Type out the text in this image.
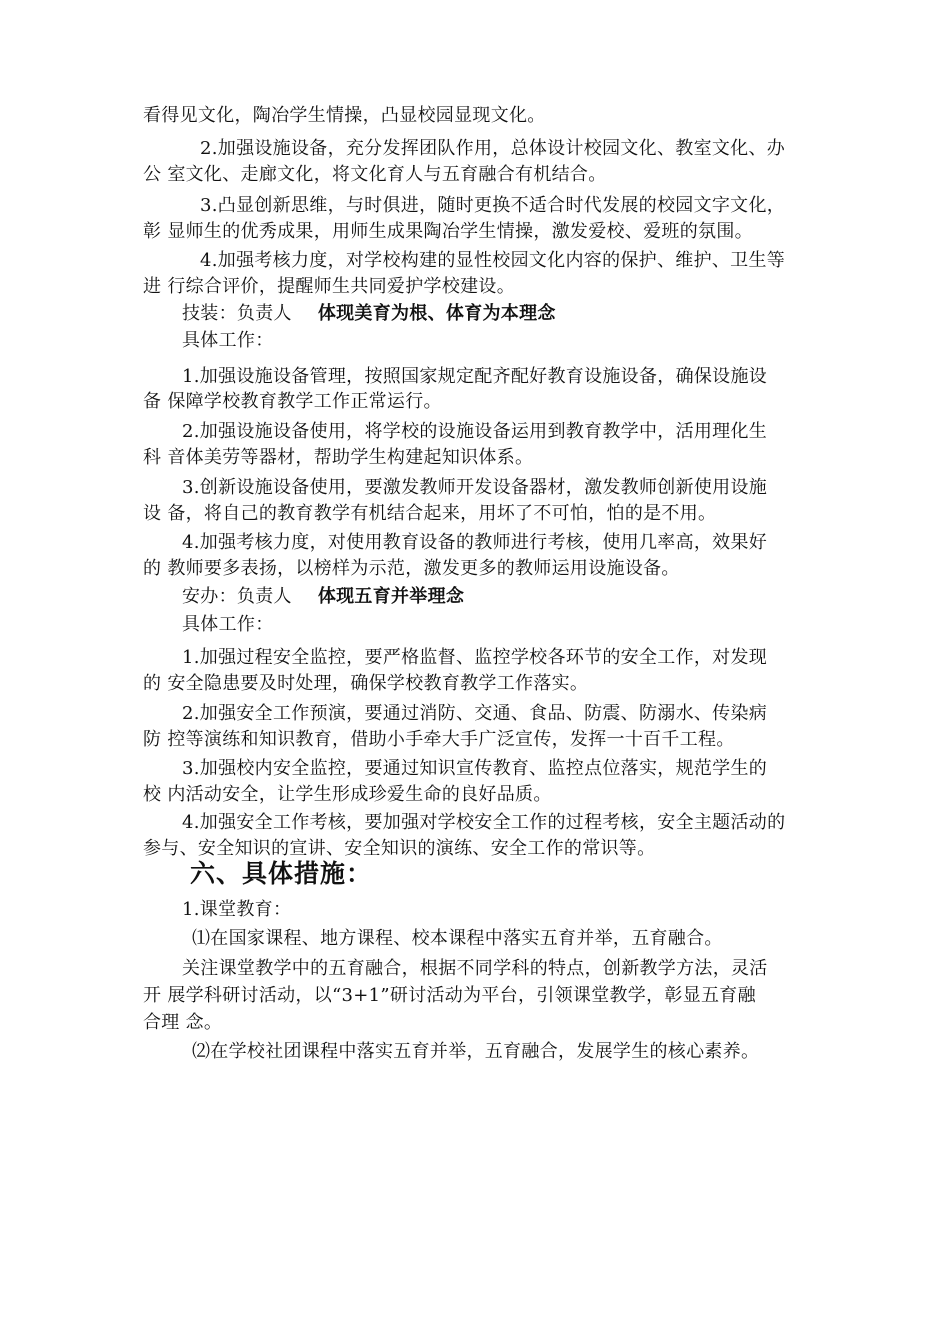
看得见文化，陶冶学生情操，凸显校园显现文化。
2.加强设施设备，充分发挥团队作用，总体设计校园文化、教室文化、办
公 室文化、走廊文化，将文化育人与五育融合有机结合。
3.凸显创新思维，与时俱进，随时更换不适合时代发展的校园文字文化，
彰 显师生的优秀成果，用师生成果陶冶学生情操，激发爱校、爱班的氛围。
4.加强考核力度，对学校构建的显性校园文化内容的保护、维护、卫生等
进 行综合评价，提醒师生共同爱护学校建设。
技装：负责人 体现美育为根、体育为本理念
具体工作：
1.加强设施设备管理，按照国家规定配齐配好教育设施设备，确保设施设
备 保障学校教育教学工作正常运行。
2.加强设施设备使用，将学校的设施设备运用到教育教学中，活用理化生
科 音体美劳等器材，帮助学生构建起知识体系。
3.创新设施设备使用，要激发教师开发设备器材，激发教师创新使用设施
设 备，将自己的教育教学有机结合起来，用坏了不可怕，怕的是不用。
4.加强考核力度，对使用教育设备的教师进行考核，使用几率高，效果好
的 教师要多表扬，以榜样为示范，激发更多的教师运用设施设备。
安办：负责人 体现五育并举理念
具体工作：
1.加强过程安全监控，要严格监督、监控学校各环节的安全工作，对发现
的 安全隐患要及时处理，确保学校教育教学工作落实。
2.加强安全工作预演，要通过消防、交通、食品、防震、防溺水、传染病
防 控等演练和知识教育，借助小手牵大手广泛宣传，发挥一十百千工程。
3.加强校内安全监控，要通过知识宣传教育、监控点位落实，规范学生的
校 内活动安全，让学生形成珍爱生命的良好品质。
4.加强安全工作考核，要加强对学校安全工作的过程考核，安全主题活动的
参与、安全知识的宣讲、安全知识的演练、安全工作的常识等。
六、具体措施：
1.课堂教育：
⑴在国家课程、地方课程、校本课程中落实五育并举，五育融合。
关注课堂教学中的五育融合，根据不同学科的特点，创新教学方法，灵活
开 展学科研讨活动，以“3+1”研讨活动为平台，引领课堂教学，彰显五育融
合理 念。
⑵在学校社团课程中落实五育并举，五育融合，发展学生的核心素养。
